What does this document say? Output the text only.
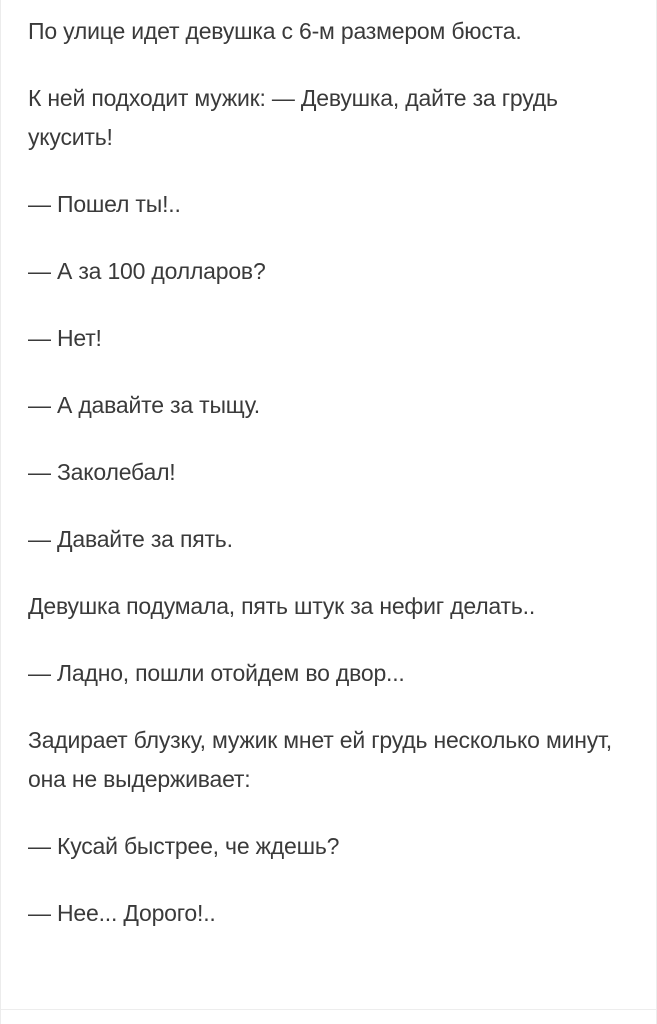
По улице идет девушка с 6-м размером бюста.

К ней подходит мужик: — Девушка, дайте за грудь укусить!

— Пошел ты!..

— А за 100 долларов?

— Нет!

— А давайте за тыщу.

— Заколебал!

— Давайте за пять.

Девушка подумала, пять штук за нефиг делать..

— Ладно, пошли отойдем во двор...

Задирает блузку, мужик мнет ей грудь несколько минут, она не выдерживает:

— Кусай быстрее, че ждешь?

— Нее... Дорого!..
